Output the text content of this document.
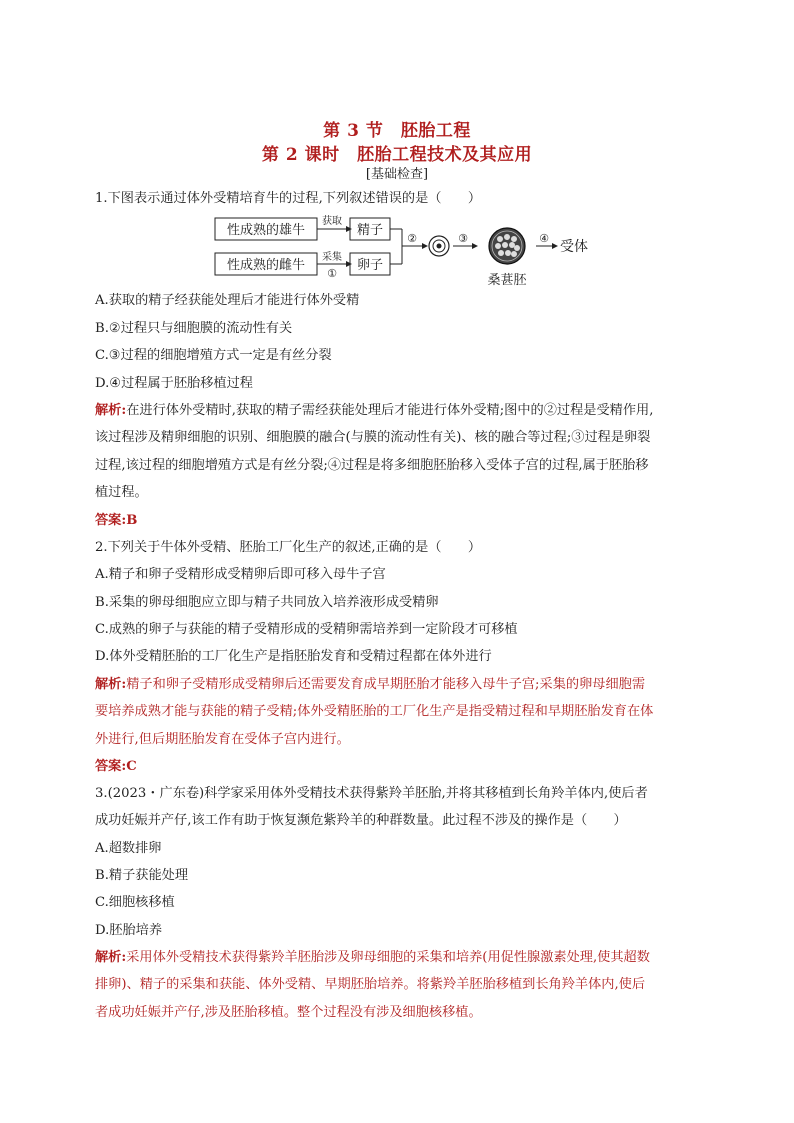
第 3 节　胚胎工程
第 2 课时　胚胎工程技术及其应用
[基础检查]
1.下图表示通过体外受精培育牛的过程,下列叙述错误的是（　　）
性成熟的雄牛
性成熟的雌牛
精子
卵子
获取
采集
①
②	③	④
受体
桑葚胚
A.获取的精子经获能处理后才能进行体外受精
B.②过程只与细胞膜的流动性有关
C.③过程的细胞增殖方式一定是有丝分裂
D.④过程属于胚胎移植过程
解析:在进行体外受精时,获取的精子需经获能处理后才能进行体外受精;图中的②过程是受精作用,
该过程涉及精卵细胞的识别、细胞膜的融合(与膜的流动性有关)、核的融合等过程;③过程是卵裂
过程,该过程的细胞增殖方式是有丝分裂;④过程是将多细胞胚胎移入受体子宫的过程,属于胚胎移
植过程。
答案:B
2.下列关于牛体外受精、胚胎工厂化生产的叙述,正确的是（　　）
A.精子和卵子受精形成受精卵后即可移入母牛子宫
B.采集的卵母细胞应立即与精子共同放入培养液形成受精卵
C.成熟的卵子与获能的精子受精形成的受精卵需培养到一定阶段才可移植
D.体外受精胚胎的工厂化生产是指胚胎发育和受精过程都在体外进行
解析:精子和卵子受精形成受精卵后还需要发育成早期胚胎才能移入母牛子宫;采集的卵母细胞需
要培养成熟才能与获能的精子受精;体外受精胚胎的工厂化生产是指受精过程和早期胚胎发育在体
外进行,但后期胚胎发育在受体子宫内进行。
答案:C
3.(2023・广东卷)科学家采用体外受精技术获得紫羚羊胚胎,并将其移植到长角羚羊体内,使后者
成功妊娠并产仔,该工作有助于恢复濒危紫羚羊的种群数量。此过程不涉及的操作是（　　）
A.超数排卵
B.精子获能处理
C.细胞核移植
D.胚胎培养
解析:采用体外受精技术获得紫羚羊胚胎涉及卵母细胞的采集和培养(用促性腺激素处理,使其超数
排卵)、精子的采集和获能、体外受精、早期胚胎培养。将紫羚羊胚胎移植到长角羚羊体内,使后
者成功妊娠并产仔,涉及胚胎移植。整个过程没有涉及细胞核移植。
